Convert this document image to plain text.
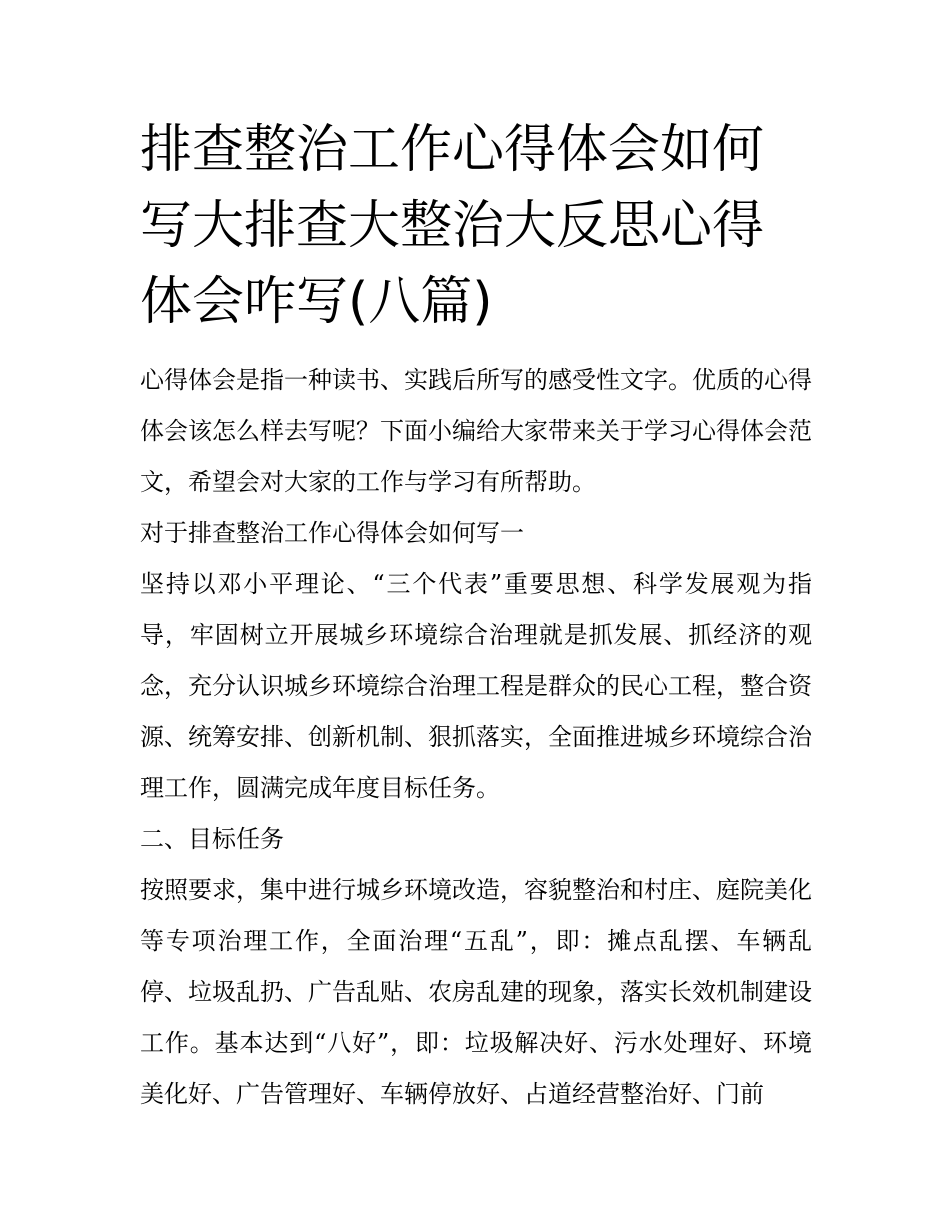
排查整治工作心得体会如何写大排查大整治大反思心得体会咋写(八篇)

心得体会是指一种读书、实践后所写的感受性文字。优质的心得体会该怎么样去写呢？下面小编给大家带来关于学习心得体会范文，希望会对大家的工作与学习有所帮助。

对于排查整治工作心得体会如何写一

坚持以邓小平理论、“三个代表”重要思想、科学发展观为指导，牢固树立开展城乡环境综合治理就是抓发展、抓经济的观念，充分认识城乡环境综合治理工程是群众的民心工程，整合资源、统筹安排、创新机制、狠抓落实，全面推进城乡环境综合治理工作，圆满完成年度目标任务。

二、目标任务

按照要求，集中进行城乡环境改造，容貌整治和村庄、庭院美化等专项治理工作，全面治理“五乱”，即：摊点乱摆、车辆乱停、垃圾乱扔、广告乱贴、农房乱建的现象，落实长效机制建设工作。基本达到“八好”，即：垃圾解决好、污水处理好、环境美化好、广告管理好、车辆停放好、占道经营整治好、门前
